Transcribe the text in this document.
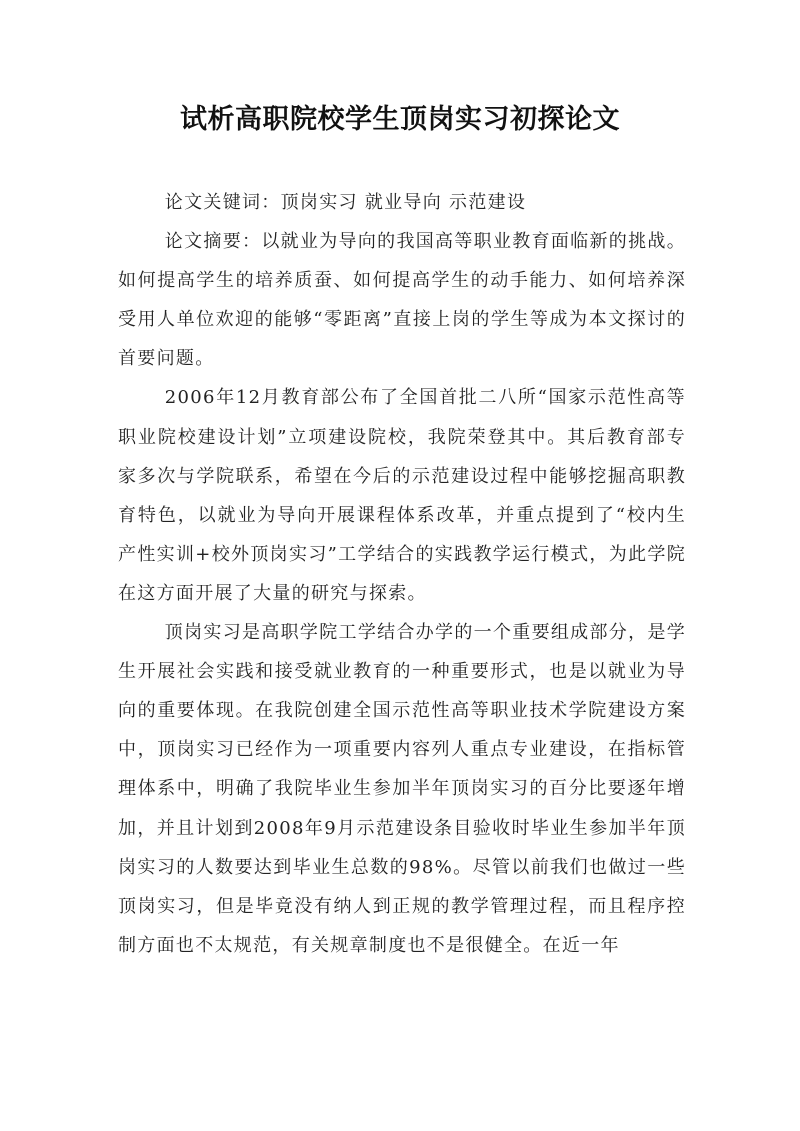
试析高职院校学生顶岗实习初探论文

论文关键词：顶岗实习 就业导向 示范建设

论文摘要：以就业为导向的我国高等职业教育面临新的挑战。如何提高学生的培养质蚕、如何提高学生的动手能力、如何培养深受用人单位欢迎的能够“零距离”直接上岗的学生等成为本文探讨的首要问题。

2006年12月教育部公布了全国首批二八所“国家示范性高等职业院校建设计划”立项建设院校，我院荣登其中。其后教育部专家多次与学院联系，希望在今后的示范建设过程中能够挖掘高职教育特色，以就业为导向开展课程体系改革，并重点提到了“校内生产性实训+校外顶岗实习”工学结合的实践教学运行模式，为此学院在这方面开展了大量的研究与探索。

顶岗实习是高职学院工学结合办学的一个重要组成部分，是学生开展社会实践和接受就业教育的一种重要形式，也是以就业为导向的重要体现。在我院创建全国示范性高等职业技术学院建设方案中，顶岗实习已经作为一项重要内容列人重点专业建设，在指标管理体系中，明确了我院毕业生参加半年顶岗实习的百分比要逐年增加，并且计划到2008年9月示范建设条目验收时毕业生参加半年顶岗实习的人数要达到毕业生总数的98%。尽管以前我们也做过一些顶岗实习，但是毕竟没有纳人到正规的教学管理过程，而且程序控制方面也不太规范，有关规章制度也不是很健全。在近一年
